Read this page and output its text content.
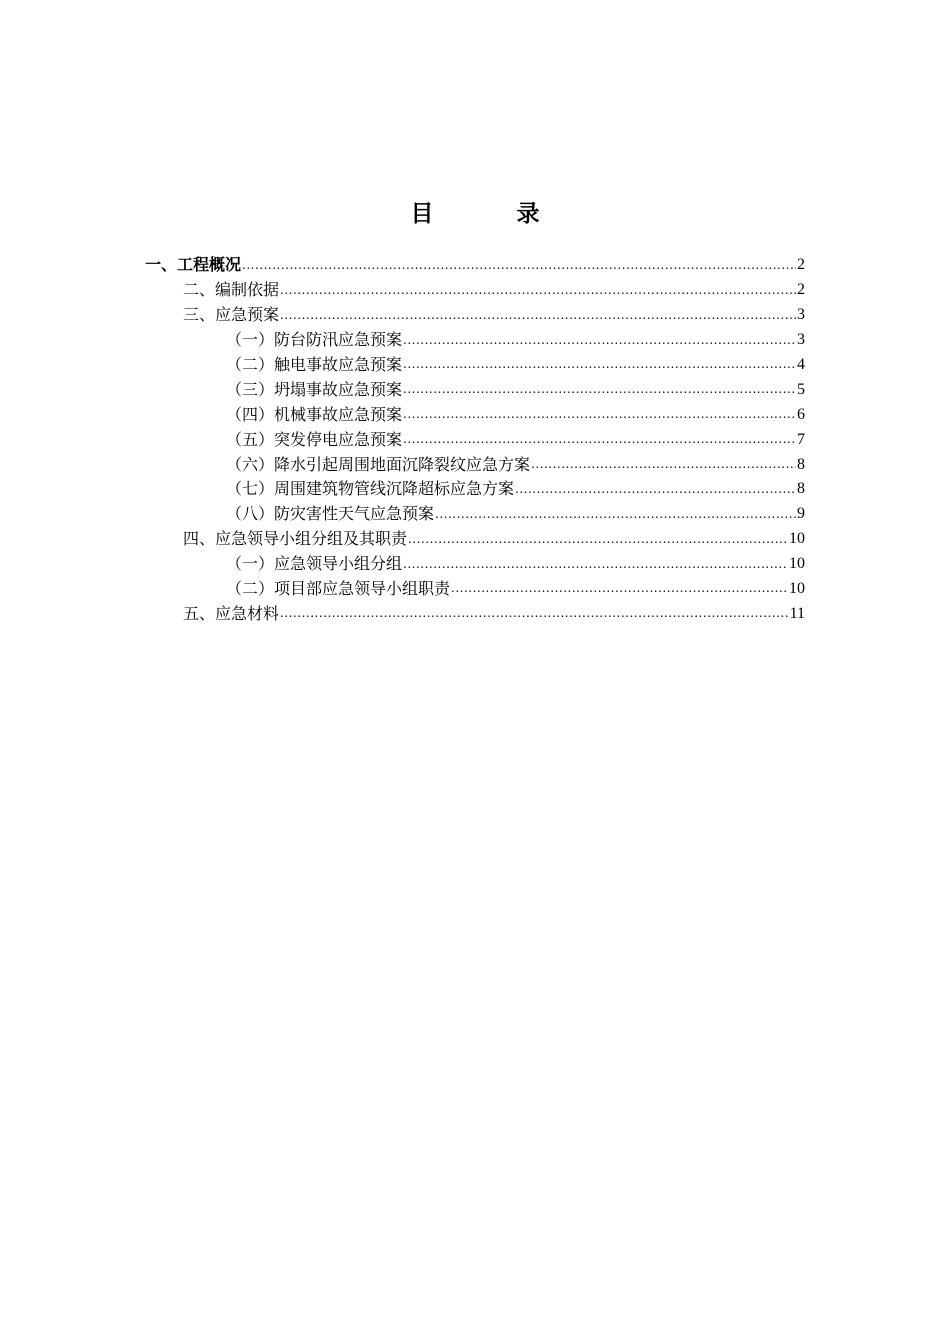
目　录
一、工程概况 .....	2
二、编制依据 .....	2
三、应急预案 .....	3
（一）防台防汛应急预案 .....	3
（二）触电事故应急预案 .....	4
（三）坍塌事故应急预案 .....	5
（四）机械事故应急预案 .....	6
（五）突发停电应急预案 .....	7
（六）降水引起周围地面沉降裂纹应急方案 .....	8
（七）周围建筑物管线沉降超标应急方案 .....	8
（八）防灾害性天气应急预案 .....	9
四、应急领导小组分组及其职责 .....	10
（一）应急领导小组分组 .....	10
（二）项目部应急领导小组职责 .....	10
五、应急材料 .....	11
